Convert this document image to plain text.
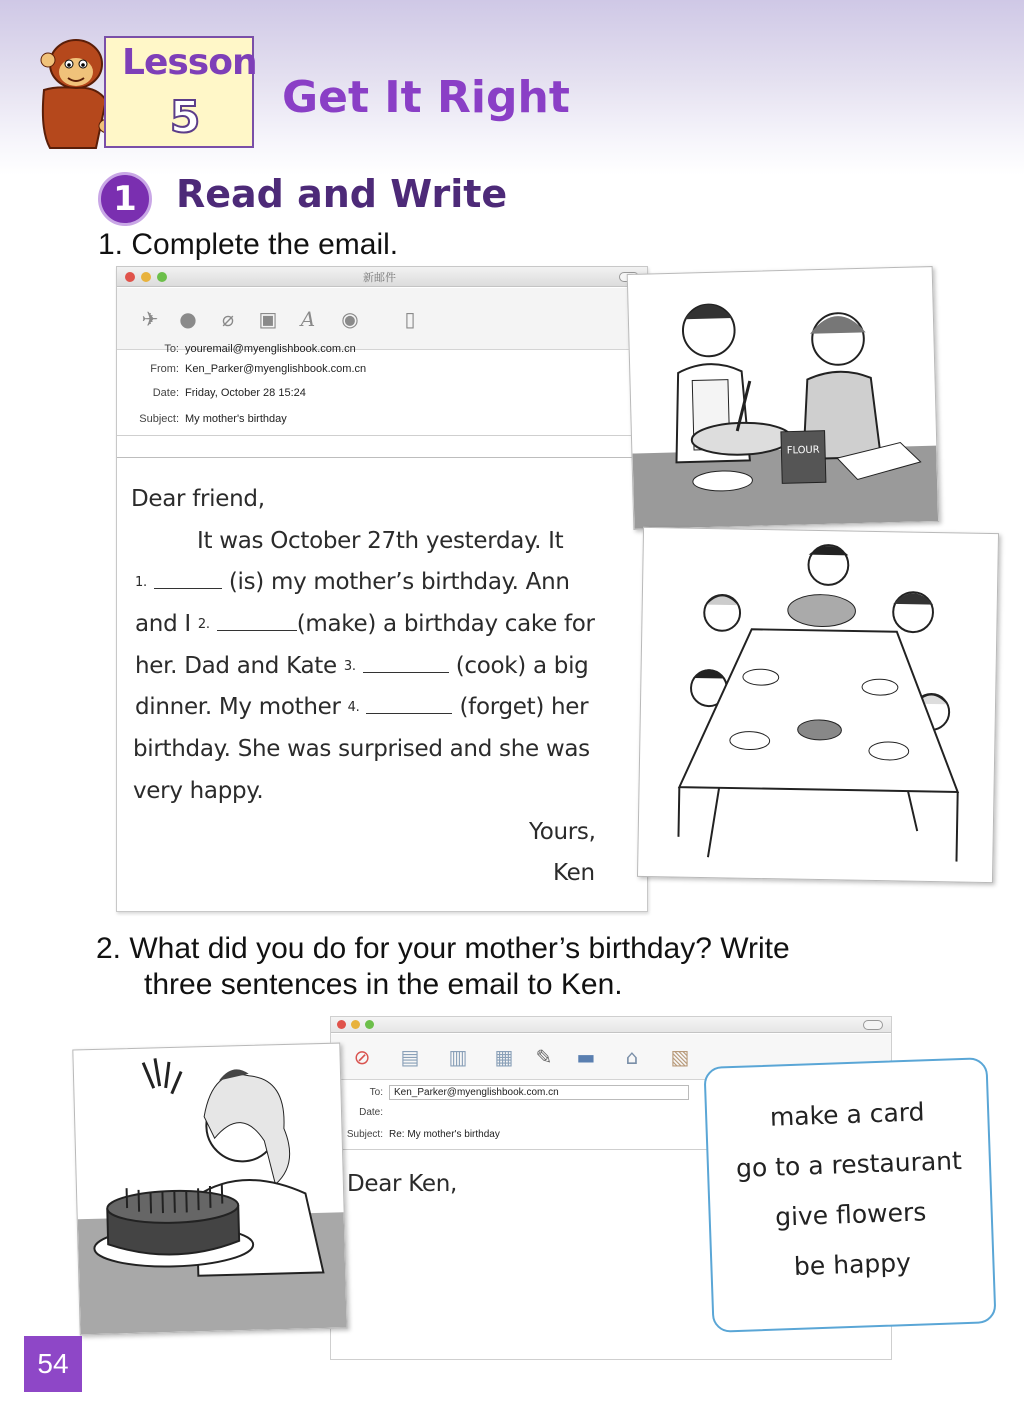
Lesson
5 Get It Right
1	Read and Write
1. Complete the email.
新邮件
✈ ●	⌀	▣ A ◉	▯
To: youremail@myenglishbook.com.cn
From: Ken_Parker@myenglishbook.com.cn
Date: Friday, October 28 15:24
Subject: My mother's birthday
Dear friend,
It was October 27th yesterday. It
1.	(is) my mother’s birthday. Ann
and I 2.	(make) a birthday cake for
her. Dad and Kate 3.	(cook) a big
dinner. My mother 4.	(forget) her
birthday. She was surprised and she was
very happy.
Yours,
Ken
FLOUR
2. What did you do for your mother’s birthday? Write
three sentences in the email to Ken.
⊘ ▤ ▥ ▦ ✎ ▬	⌂	▧
To: Ken_Parker@myenglishbook.com.cn
Date:
Subject: Re: My mother's birthday
Dear Ken,
make a card
go to a restaurant
give flowers
be happy
54
